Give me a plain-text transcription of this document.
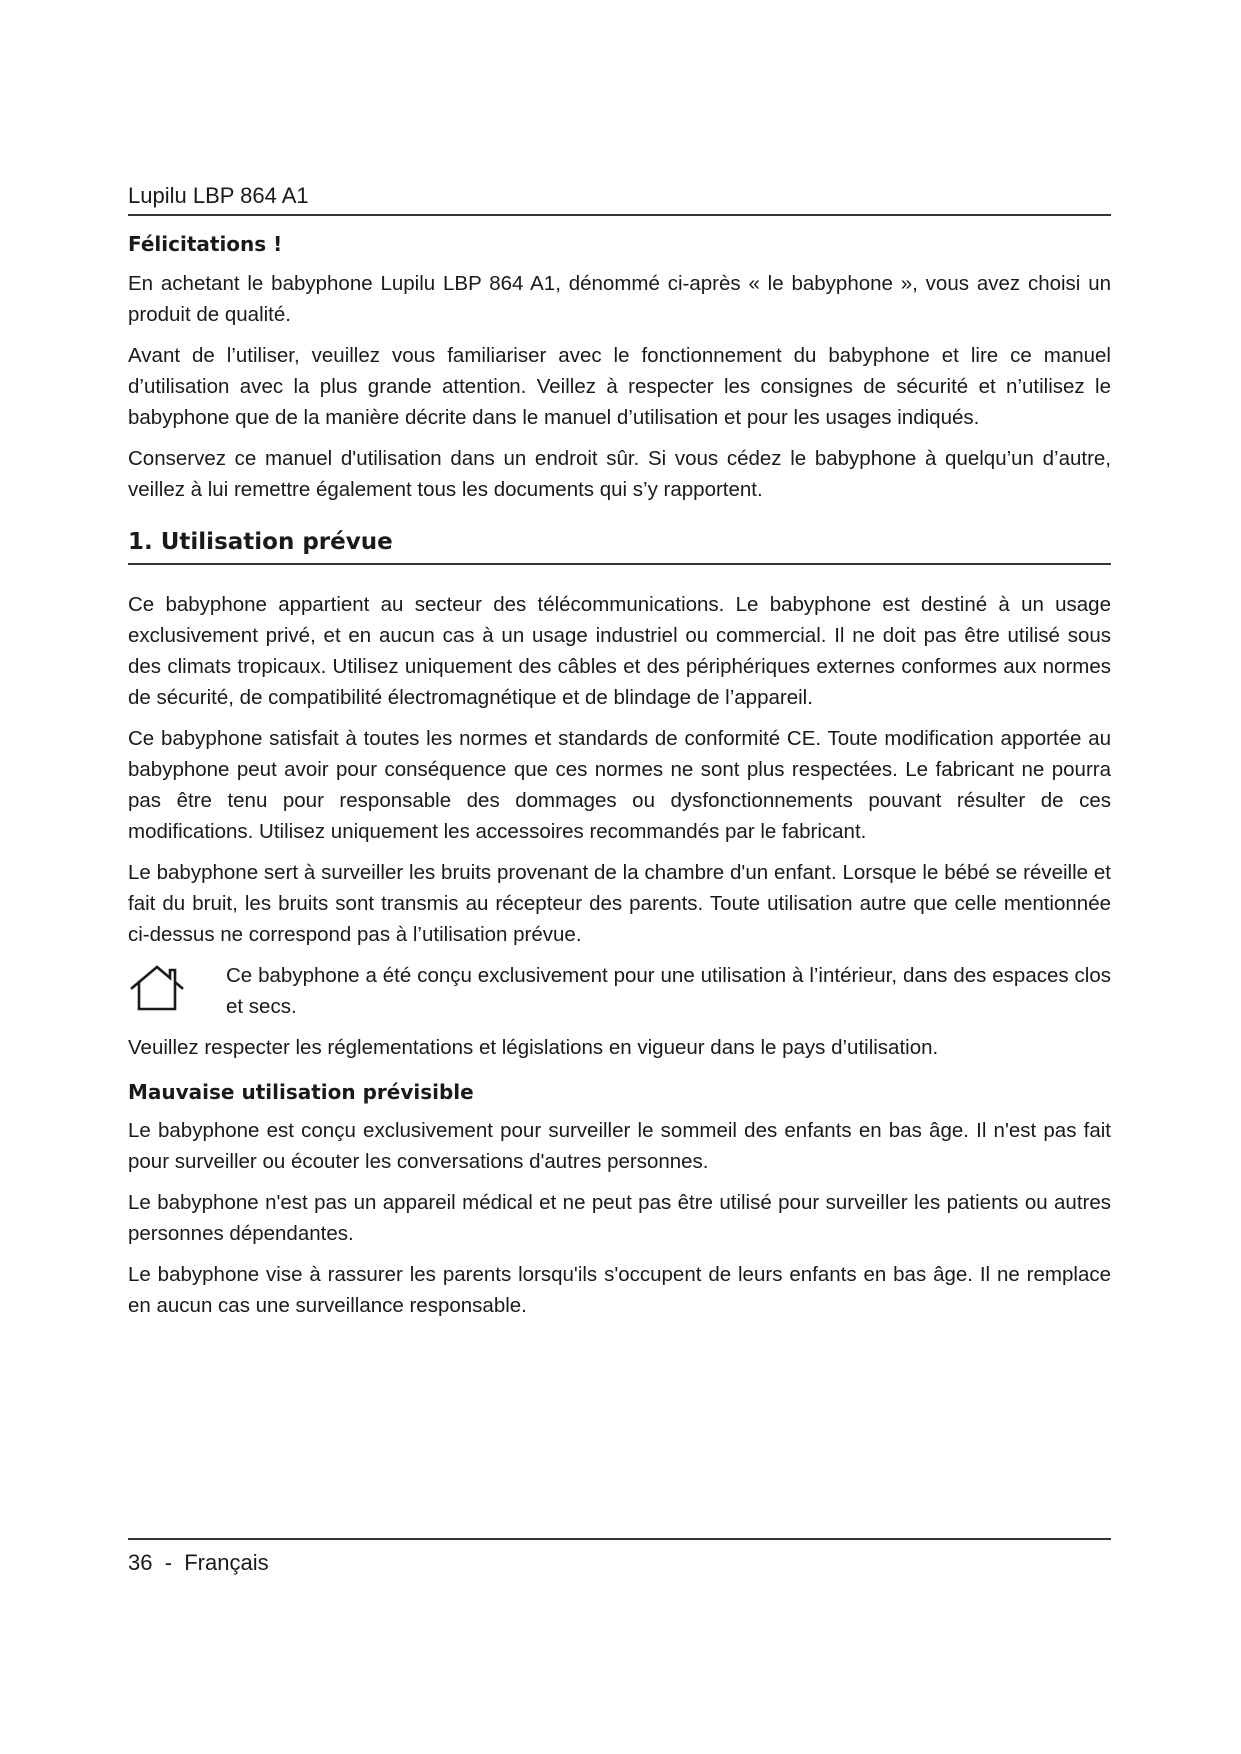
Lupilu LBP 864 A1
Félicitations !

En achetant le babyphone Lupilu LBP 864 A1, dénommé ci-après « le babyphone », vous avez choisi un produit de qualité.

Avant de l’utiliser, veuillez vous familiariser avec le fonctionnement du babyphone et lire ce manuel d’utilisation avec la plus grande attention. Veillez à respecter les consignes de sécurité et n’utilisez le babyphone que de la manière décrite dans le manuel d’utilisation et pour les usages indiqués.

Conservez ce manuel d'utilisation dans un endroit sûr. Si vous cédez le babyphone à quelqu’un d’autre, veillez à lui remettre également tous les documents qui s’y rapportent.

1. Utilisation prévue

Ce babyphone appartient au secteur des télécommunications. Le babyphone est destiné à un usage exclusivement privé, et en aucun cas à un usage industriel ou commercial. Il ne doit pas être utilisé sous des climats tropicaux. Utilisez uniquement des câbles et des périphériques externes conformes aux normes de sécurité, de compatibilité électromagnétique et de blindage de l’appareil.

Ce babyphone satisfait à toutes les normes et standards de conformité CE. Toute modification apportée au babyphone peut avoir pour conséquence que ces normes ne sont plus respectées. Le fabricant ne pourra pas être tenu pour responsable des dommages ou dysfonctionnements pouvant résulter de ces modifications. Utilisez uniquement les accessoires recommandés par le fabricant.

Le babyphone sert à surveiller les bruits provenant de la chambre d'un enfant. Lorsque le bébé se réveille et fait du bruit, les bruits sont transmis au récepteur des parents. Toute utilisation autre que celle mentionnée ci-dessus ne correspond pas à l’utilisation prévue.

Ce babyphone a été conçu exclusivement pour une utilisation à l’intérieur, dans des espaces clos et secs.

Veuillez respecter les réglementations et législations en vigueur dans le pays d’utilisation.

Mauvaise utilisation prévisible

Le babyphone est conçu exclusivement pour surveiller le sommeil des enfants en bas âge. Il n'est pas fait pour surveiller ou écouter les conversations d'autres personnes.

Le babyphone n'est pas un appareil médical et ne peut pas être utilisé pour surveiller les patients ou autres personnes dépendantes.

Le babyphone vise à rassurer les parents lorsqu'ils s'occupent de leurs enfants en bas âge. Il ne remplace en aucun cas une surveillance responsable.

36  -  Français
